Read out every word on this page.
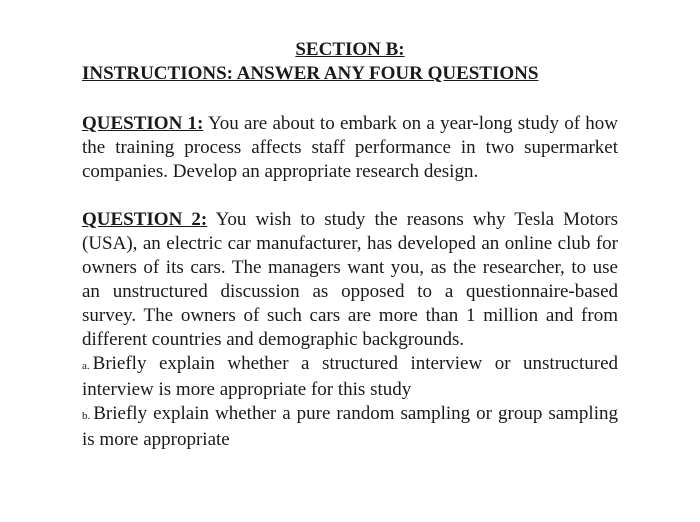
SECTION B:

INSTRUCTIONS: ANSWER ANY FOUR QUESTIONS

QUESTION 1: You are about to embark on a year-long study of how the training process affects staff performance in two supermarket companies. Develop an appropriate research design.

QUESTION 2: You wish to study the reasons why Tesla Motors (USA), an electric car manufacturer, has developed an online club for owners of its cars. The managers want you, as the researcher, to use an unstructured discussion as opposed to a questionnaire-based survey. The owners of such cars are more than 1 million and from different countries and demographic backgrounds.

a. Briefly explain whether a structured interview or unstructured interview is more appropriate for this study

b. Briefly explain whether a pure random sampling or group sampling is more appropriate
